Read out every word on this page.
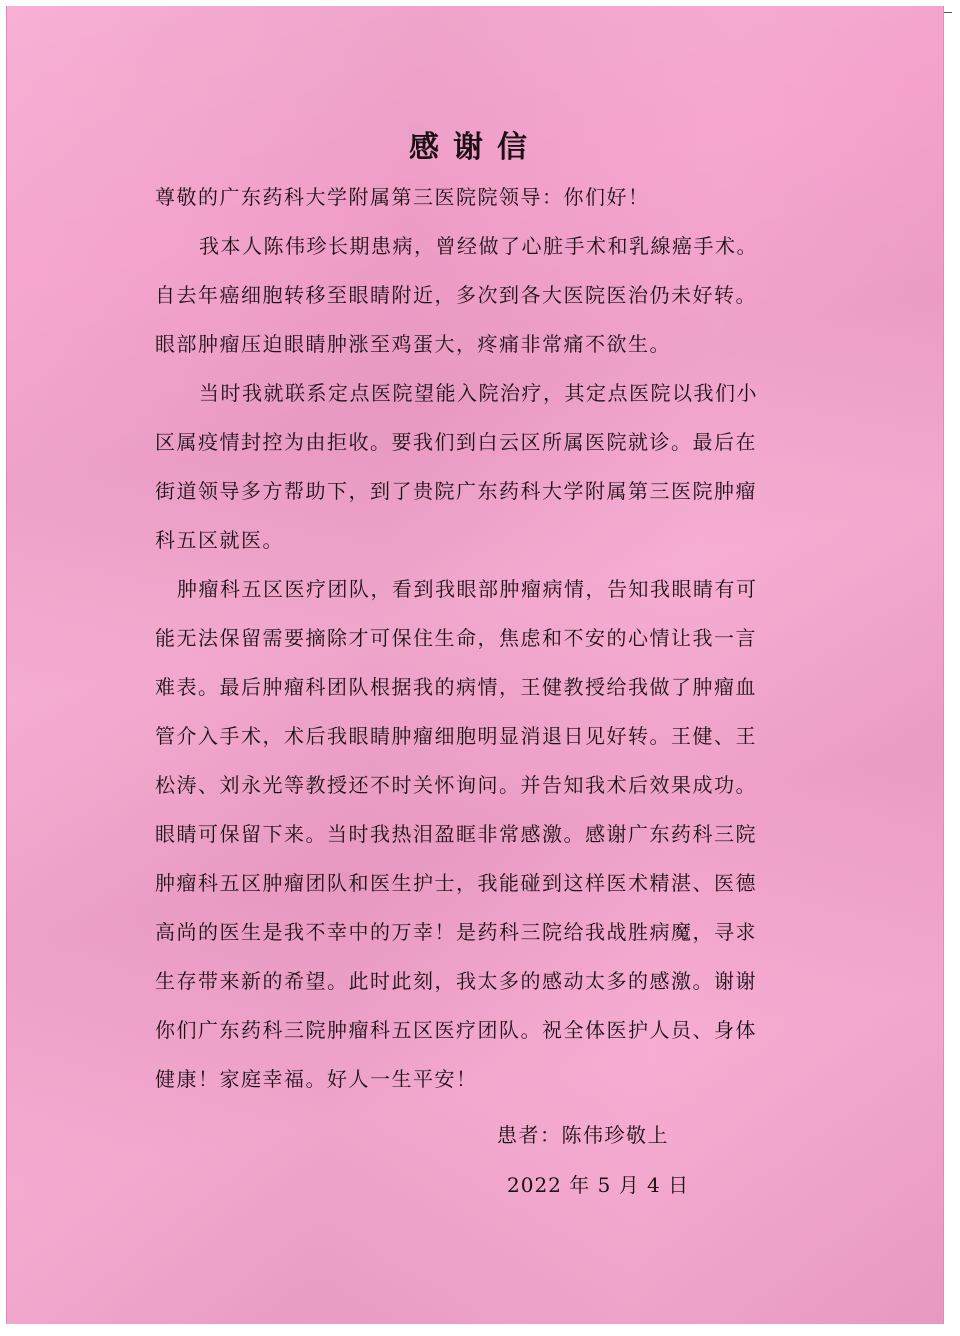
感谢信
尊敬的广东药科大学附属第三医院院领导：你们好！
我本人陈伟珍长期患病，曾经做了心脏手术和乳線癌手术。
自去年癌细胞转移至眼睛附近，多次到各大医院医治仍未好转。
眼部肿瘤压迫眼睛肿涨至鸡蛋大，疼痛非常痛不欲生。
当时我就联系定点医院望能入院治疗，其定点医院以我们小
区属疫情封控为由拒收。要我们到白云区所属医院就诊。最后在
街道领导多方帮助下，到了贵院广东药科大学附属第三医院肿瘤
科五区就医。
肿瘤科五区医疗团队，看到我眼部肿瘤病情，告知我眼睛有可
能无法保留需要摘除才可保住生命，焦虑和不安的心情让我一言
难表。最后肿瘤科团队根据我的病情，王健教授给我做了肿瘤血
管介入手术，术后我眼睛肿瘤细胞明显消退日见好转。王健、王
松涛、刘永光等教授还不时关怀询问。并告知我术后效果成功。
眼睛可保留下来。当时我热泪盈眶非常感激。感谢广东药科三院
肿瘤科五区肿瘤团队和医生护士，我能碰到这样医术精湛、医德
高尚的医生是我不幸中的万幸！是药科三院给我战胜病魔，寻求
生存带来新的希望。此时此刻，我太多的感动太多的感激。谢谢
你们广东药科三院肿瘤科五区医疗团队。祝全体医护人员、身体
健康！家庭幸福。好人一生平安！
患者：陈伟珍敬上
2022 年 5 月 4 日
